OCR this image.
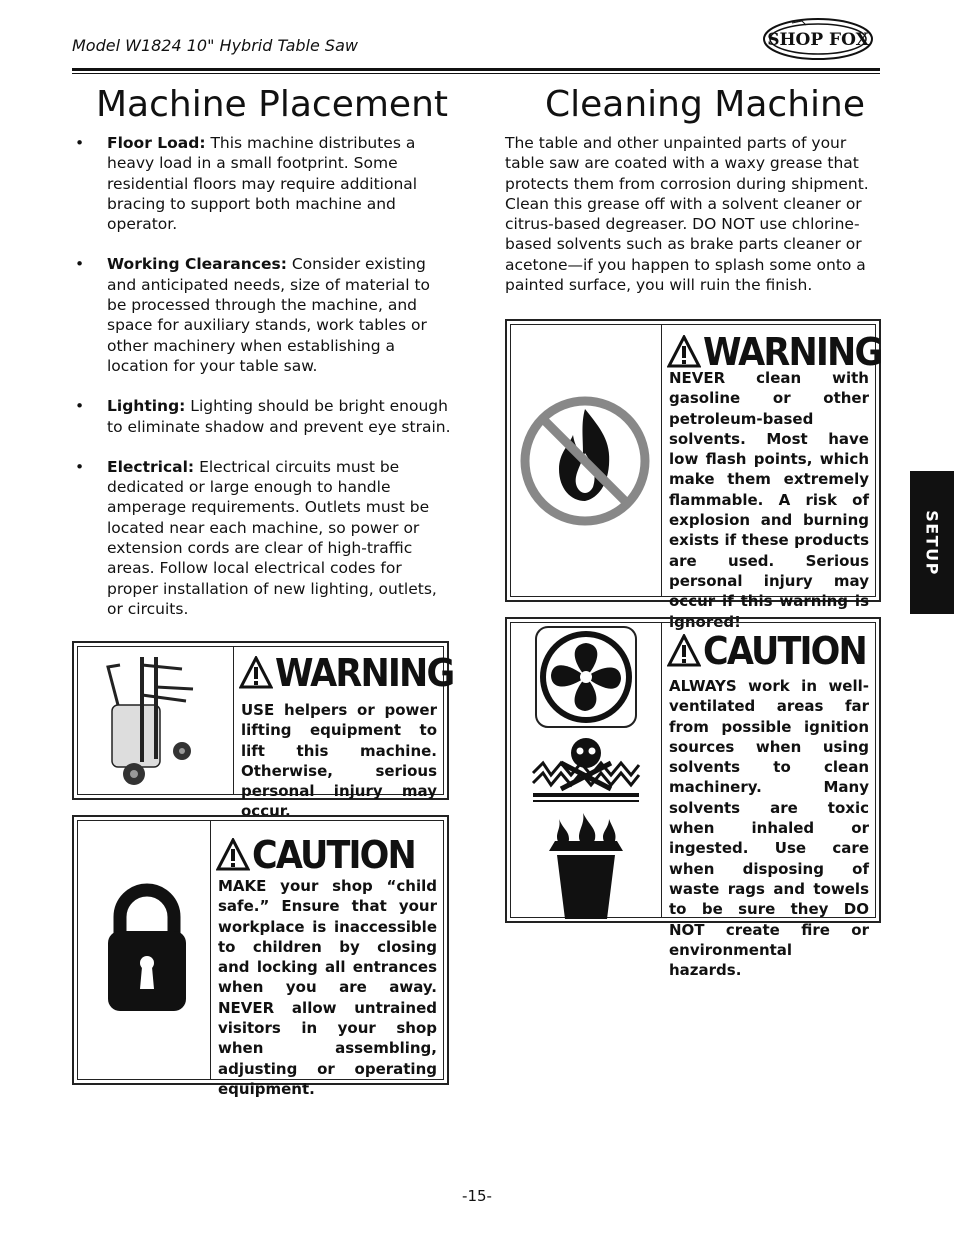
Model W1824 10" Hybrid Table Saw	SHOP FOX
Machine Placement
• Floor Load: This machine distributes a heavy load in a small footprint. Some residential floors may require additional bracing to support both machine and operator.
• Working Clearances: Consider existing and anticipated needs, size of material to be processed through the machine, and space for auxiliary stands, work tables or other machinery when establishing a location for your table saw.
• Lighting: Lighting should be bright enough to eliminate shadow and prevent eye strain.
• Electrical: Electrical circuits must be dedicated or large enough to handle amperage requirements. Outlets must be located near each machine, so power or extension cords are clear of high-traffic areas. Follow local electrical codes for proper installation of new lighting, outlets, or circuits.
WARNING
USE helpers or power lifting equipment to lift this machine. Otherwise, serious personal injury may occur.
CAUTION
MAKE your shop “child safe.” Ensure that your workplace is inaccessible to children by closing and locking all entrances when you are away. NEVER allow untrained visitors in your shop when assembling, adjusting or operating equipment.
Cleaning Machine

The table and other unpainted parts of your table saw are coated with a waxy grease that protects them from corrosion during shipment. Clean this grease off with a solvent cleaner or citrus-based degreaser. DO NOT use chlorine-based solvents such as brake parts cleaner or acetone—if you happen to splash some onto a painted surface, you will ruin the finish.

WARNING
NEVER clean with gasoline or other petroleum-based solvents. Most have low flash points, which make them extremely flammable. A risk of explosion and burning exists if these products are used. Serious personal injury may occur if this warning is ignored!
CAUTION
ALWAYS work in well-ventilated areas far from possible ignition sources when using solvents to clean machinery. Many solvents are toxic when inhaled or ingested. Use care when disposing of waste rags and towels to be sure they DO NOT create fire or environmental hazards.
SETUP
-15-
